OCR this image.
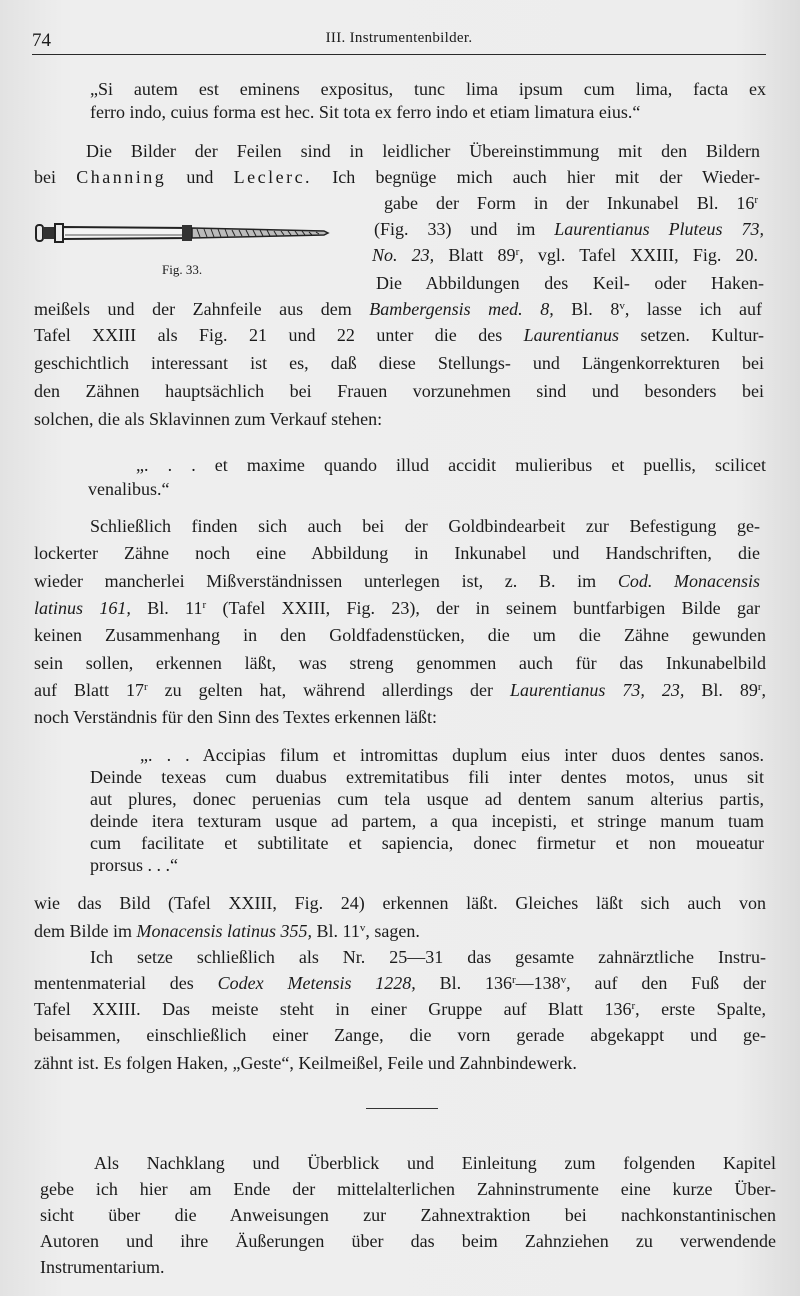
74	III. Instrumentenbilder.
„Si autem est eminens expositus, tunc lima ipsum cum lima, facta ex
ferro indo, cuius forma est hec. Sit tota ex ferro indo et etiam limatura eius.“
Die Bilder der Feilen sind in leidlicher Übereinstimmung mit den Bildern
bei Channing und Leclerc. Ich begnüge mich auch hier mit der Wieder-
gabe der Form in der Inkunabel Bl. 16$^r$
(Fig. 33) und im Laurentianus Pluteus 73,
No. 23, Blatt 89$^r$, vgl. Tafel XXIII, Fig. 20.
Die Abbildungen des Keil- oder Haken-
meißels und der Zahnfeile aus dem Bambergensis med. 8, Bl. 8$^v$, lasse ich auf
Tafel XXIII als Fig. 21 und 22 unter die des Laurentianus setzen. Kultur-
geschichtlich interessant ist es, daß diese Stellungs- und Längenkorrekturen bei
den Zähnen hauptsächlich bei Frauen vorzunehmen sind und besonders bei
solchen, die als Sklavinnen zum Verkauf stehen:
Fig. 33.
„. . . et maxime quando illud accidit mulieribus et puellis, scilicet
venalibus.“
Schließlich finden sich auch bei der Goldbindearbeit zur Befestigung ge-
lockerter Zähne noch eine Abbildung in Inkunabel und Handschriften, die
wieder mancherlei Mißverständnissen unterlegen ist, z. B. im Cod. Monacensis
latinus 161, Bl. 11$^r$ (Tafel XXIII, Fig. 23), der in seinem buntfarbigen Bilde gar
keinen Zusammenhang in den Goldfadenstücken, die um die Zähne gewunden
sein sollen, erkennen läßt, was streng genommen auch für das Inkunabelbild
auf Blatt 17$^r$ zu gelten hat, während allerdings der Laurentianus 73, 23, Bl. 89$^r$,
noch Verständnis für den Sinn des Textes erkennen läßt:
„. . . Accipias filum et intromittas duplum eius inter duos dentes sanos.
Deinde texeas cum duabus extremitatibus fili inter dentes motos, unus sit
aut plures, donec peruenias cum tela usque ad dentem sanum alterius partis,
deinde itera texturam usque ad partem, a qua incepisti, et stringe manum tuam
cum facilitate et subtilitate et sapiencia, donec firmetur et non moueatur
prorsus . . .“
wie das Bild (Tafel XXIII, Fig. 24) erkennen läßt. Gleiches läßt sich auch von
dem Bilde im Monacensis latinus 355, Bl. 11$^v$, sagen.
Ich setze schließlich als Nr. 25—31 das gesamte zahnärztliche Instru-
mentenmaterial des Codex Metensis 1228, Bl. 136$^r$—138$^v$, auf den Fuß der
Tafel XXIII. Das meiste steht in einer Gruppe auf Blatt 136$^r$, erste Spalte,
beisammen, einschließlich einer Zange, die vorn gerade abgekappt und ge-
zähnt ist. Es folgen Haken, „Geste“, Keilmeißel, Feile und Zahnbindewerk.
Als Nachklang und Überblick und Einleitung zum folgenden Kapitel
gebe ich hier am Ende der mittelalterlichen Zahninstrumente eine kurze Über-
sicht über die Anweisungen zur Zahnextraktion bei nachkonstantinischen
Autoren und ihre Äußerungen über das beim Zahnziehen zu verwendende
Instrumentarium.
